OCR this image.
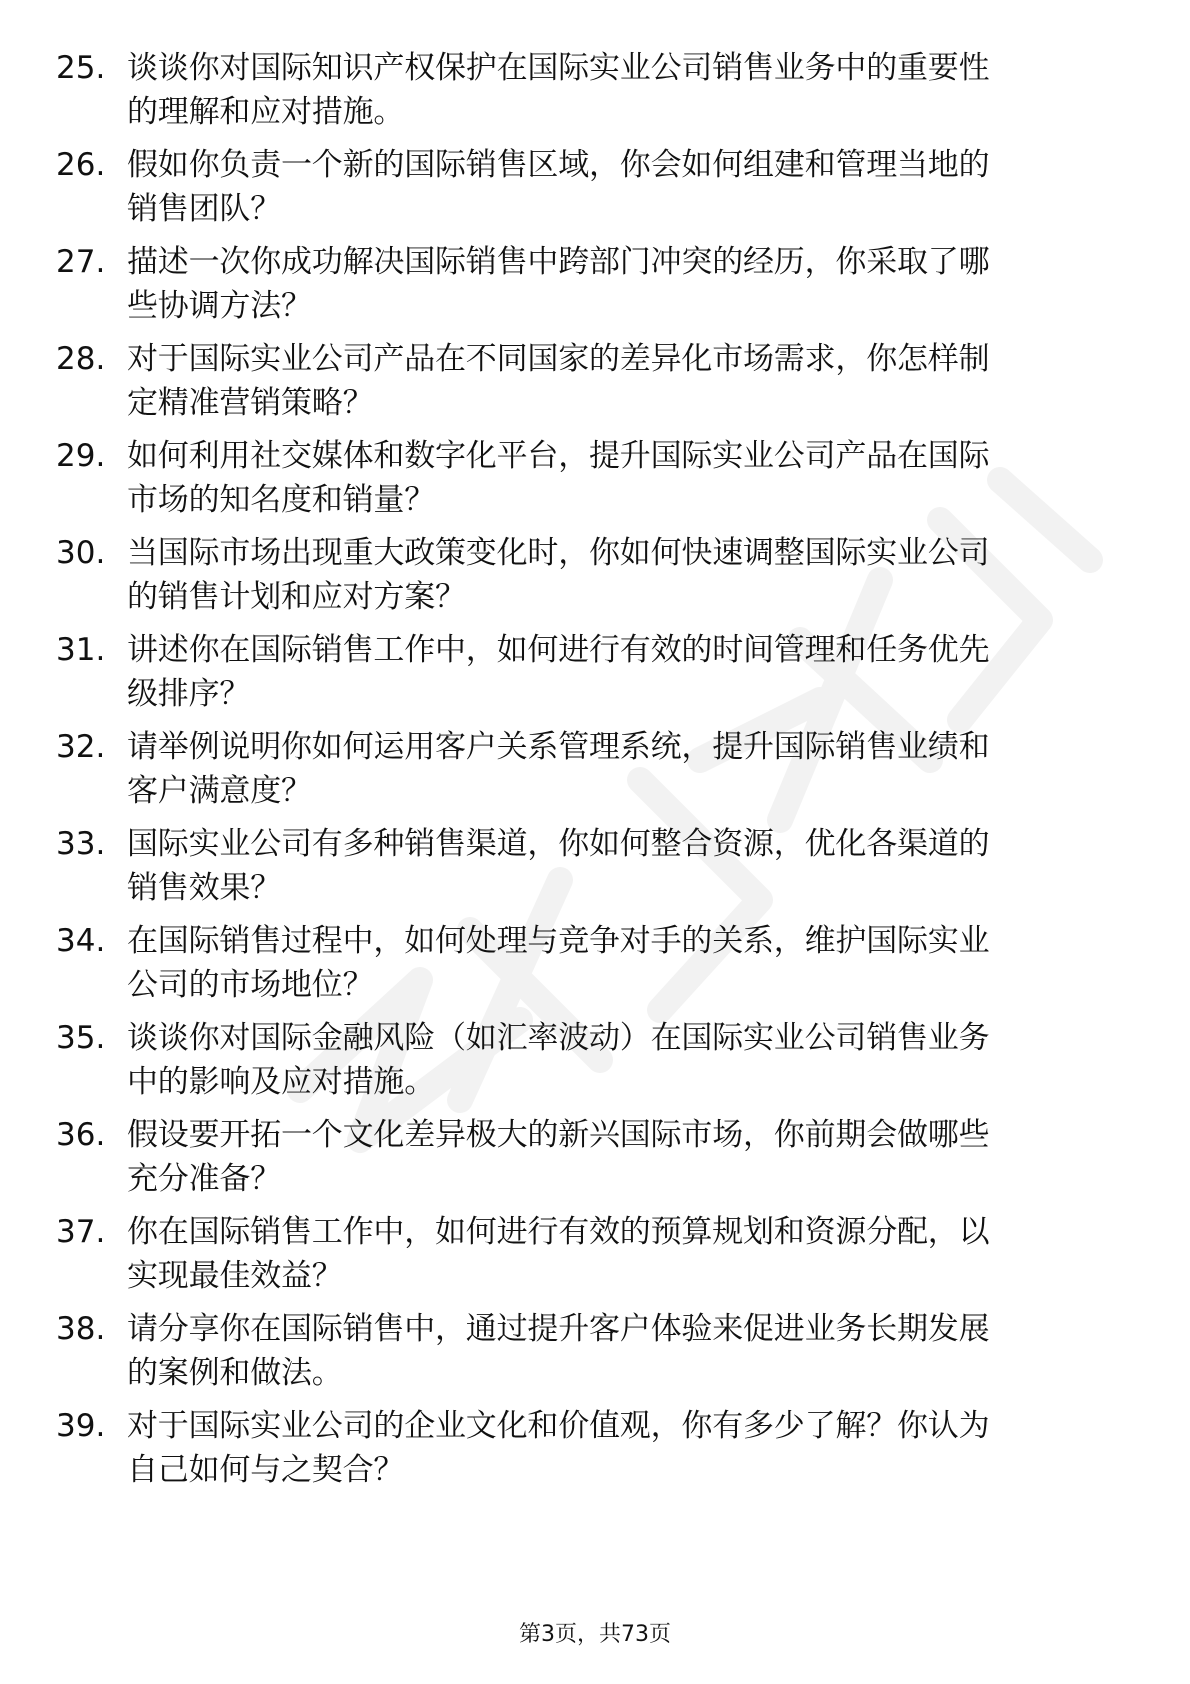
25. 谈谈你对国际知识产权保护在国际实业公司销售业务中的重要性
的理解和应对措施。
26. 假如你负责一个新的国际销售区域，你会如何组建和管理当地的
销售团队？
27. 描述一次你成功解决国际销售中跨部门冲突的经历，你采取了哪
些协调方法？
28. 对于国际实业公司产品在不同国家的差异化市场需求，你怎样制
定精准营销策略？
29. 如何利用社交媒体和数字化平台，提升国际实业公司产品在国际
市场的知名度和销量？
30. 当国际市场出现重大政策变化时，你如何快速调整国际实业公司
的销售计划和应对方案？
31. 讲述你在国际销售工作中，如何进行有效的时间管理和任务优先
级排序？
32. 请举例说明你如何运用客户关系管理系统，提升国际销售业绩和
客户满意度？
33. 国际实业公司有多种销售渠道，你如何整合资源，优化各渠道的
销售效果？
34. 在国际销售过程中，如何处理与竞争对手的关系，维护国际实业
公司的市场地位？
35. 谈谈你对国际金融风险（如汇率波动）在国际实业公司销售业务
中的影响及应对措施。
36. 假设要开拓一个文化差异极大的新兴国际市场，你前期会做哪些
充分准备？
37. 你在国际销售工作中，如何进行有效的预算规划和资源分配，以
实现最佳效益？
38. 请分享你在国际销售中，通过提升客户体验来促进业务长期发展
的案例和做法。
39. 对于国际实业公司的企业文化和价值观，你有多少了解？你认为
自己如何与之契合？
第3页，共73页
